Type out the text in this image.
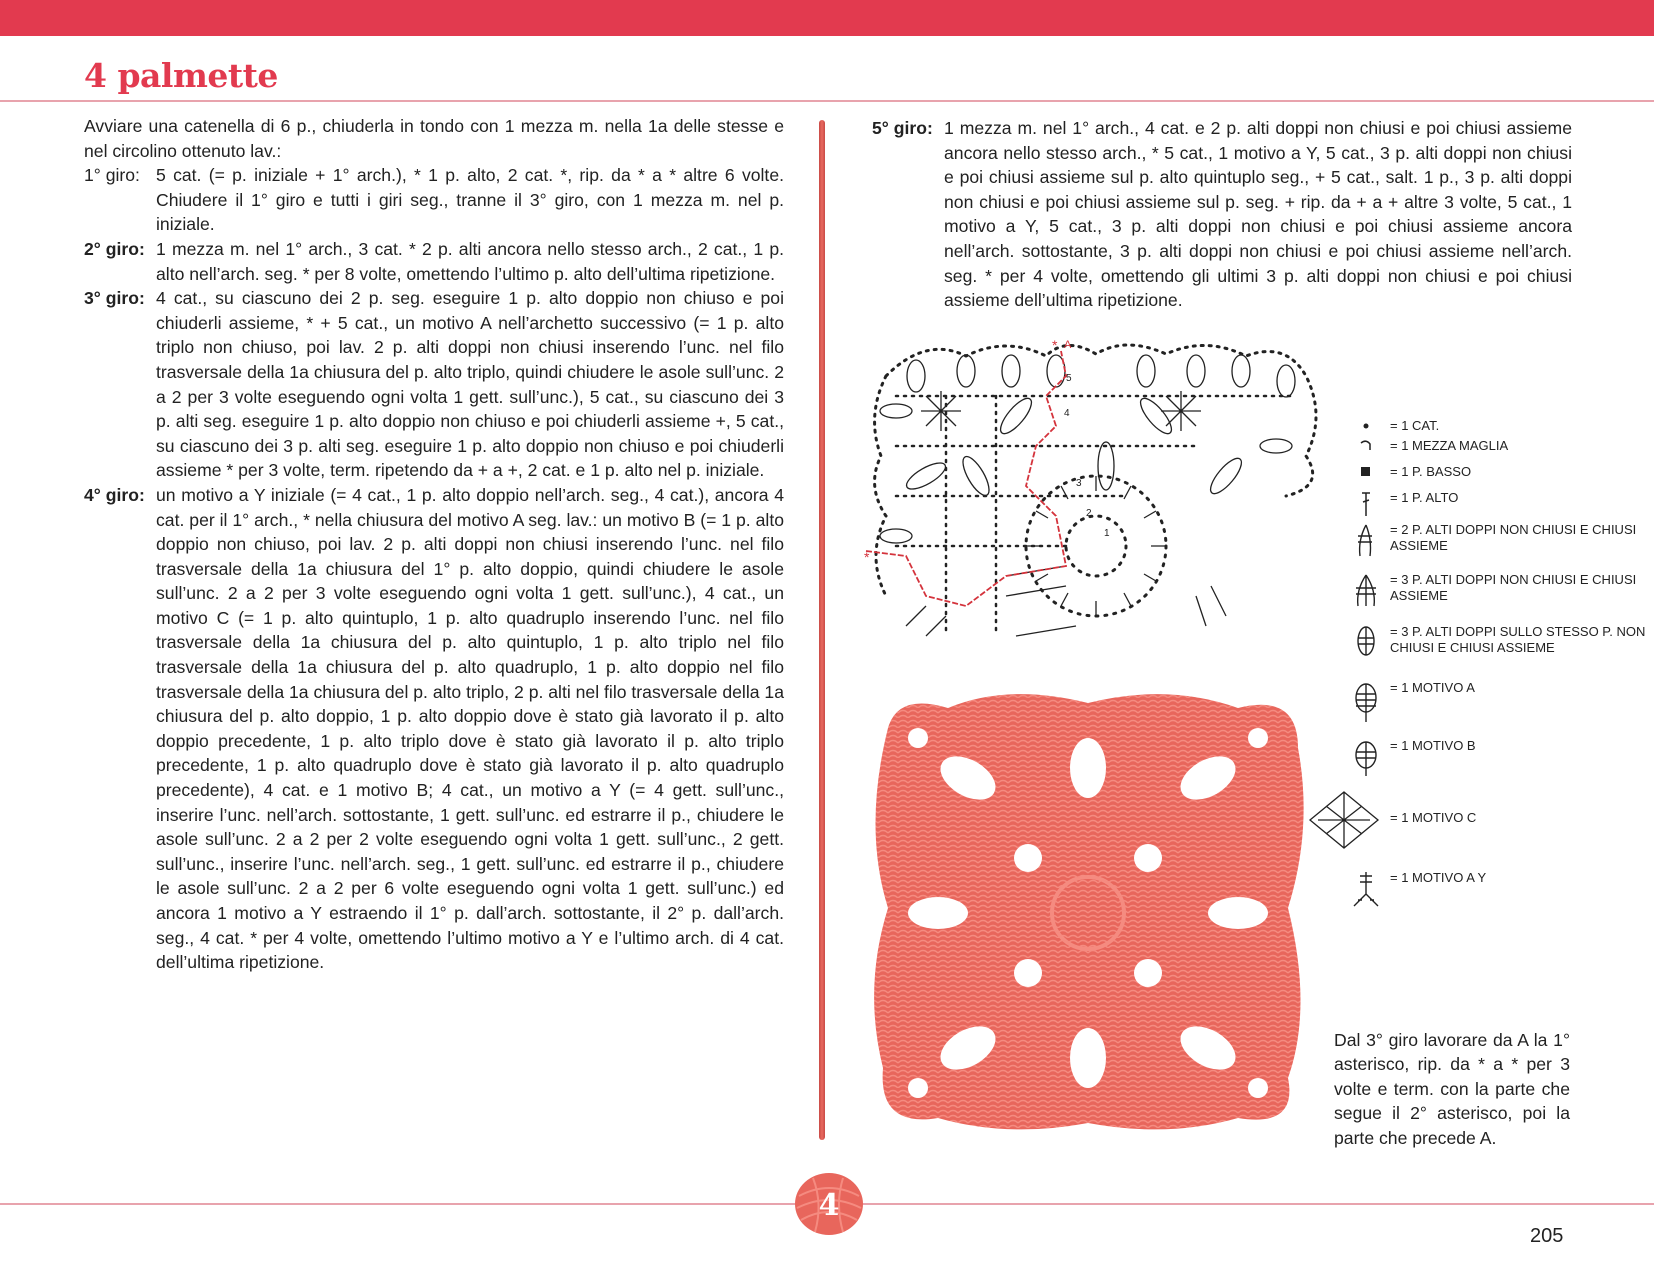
4 palmette

Avviare una catenella di 6 p., chiuderla in tondo con 1 mezza m. nella 1a delle stesse e nel circolino ottenuto lav.:

1° giro: 5 cat. (= p. iniziale + 1° arch.), * 1 p. alto, 2 cat. *, rip. da * a * altre 6 volte. Chiudere il 1° giro e tutti i giri seg., tranne il 3° giro, con 1 mezza m. nel p. iniziale.
2° giro: 1 mezza m. nel 1° arch., 3 cat. * 2 p. alti ancora nello stesso arch., 2 cat., 1 p. alto nell’arch. seg. * per 8 volte, omettendo l’ultimo p. alto dell’ultima ripetizione.
3° giro: 4 cat., su ciascuno dei 2 p. seg. eseguire 1 p. alto doppio non chiuso e poi chiuderli assieme, * + 5 cat., un motivo A nell’archetto successivo (= 1 p. alto triplo non chiuso, poi lav. 2 p. alti doppi non chiusi inserendo l’unc. nel filo trasversale della 1a chiusura del p. alto triplo, quindi chiudere le asole sull’unc. 2 a 2 per 3 volte eseguendo ogni volta 1 gett. sull’unc.), 5 cat., su ciascuno dei 3 p. alti seg. eseguire 1 p. alto doppio non chiuso e poi chiuderli assieme +, 5 cat., su ciascuno dei 3 p. alti seg. eseguire 1 p. alto doppio non chiuso e poi chiuderli assieme * per 3 volte, term. ripetendo da + a +, 2 cat. e 1 p. alto nel p. iniziale.
4° giro: un motivo a Y iniziale (= 4 cat., 1 p. alto doppio nell’arch. seg., 4 cat.), ancora 4 cat. per il 1° arch., * nella chiusura del motivo A seg. lav.: un motivo B (= 1 p. alto doppio non chiuso, poi lav. 2 p. alti doppi non chiusi inserendo l’unc. nel filo trasversale della 1a chiusura del 1° p. alto doppio, quindi chiudere le asole sull’unc. 2 a 2 per 3 volte eseguendo ogni volta 1 gett. sull’unc.), 4 cat., un motivo C (= 1 p. alto quintuplo, 1 p. alto quadruplo inserendo l’unc. nel filo trasversale della 1a chiusura del p. alto quintuplo, 1 p. alto triplo nel filo trasversale della 1a chiusura del p. alto quadruplo, 1 p. alto doppio nel filo trasversale della 1a chiusura del p. alto triplo, 2 p. alti nel filo trasversale della 1a chiusura del p. alto doppio, 1 p. alto doppio dove è stato già lavorato il p. alto doppio precedente, 1 p. alto triplo dove è stato già lavorato il p. alto triplo precedente, 1 p. alto quadruplo dove è stato già lavorato il p. alto quadruplo precedente), 4 cat. e 1 motivo B; 4 cat., un motivo a Y (= 4 gett. sull’unc., inserire l’unc. nell’arch. sottostante, 1 gett. sull’unc. ed estrarre il p., chiudere le asole sull’unc. 2 a 2 per 2 volte eseguendo ogni volta 1 gett. sull’unc., 2 gett. sull’unc., inserire l’unc. nell’arch. seg., 1 gett. sull’unc. ed estrarre il p., chiudere le asole sull’unc. 2 a 2 per 6 volte eseguendo ogni volta 1 gett. sull’unc.) ed ancora 1 motivo a Y estraendo il 1° p. dall’arch. sottostante, il 2° p. dall’arch. seg., 4 cat. * per 4 volte, omettendo l’ultimo motivo a Y e l’ultimo arch. di 4 cat. dell’ultima ripetizione.
5° giro: 1 mezza m. nel 1° arch., 4 cat. e 2 p. alti doppi non chiusi e poi chiusi assieme ancora nello stesso arch., * 5 cat., 1 motivo a Y, 5 cat., 3 p. alti doppi non chiusi e poi chiusi assieme sul p. alto quintuplo seg., + 5 cat., salt. 1 p., 3 p. alti doppi non chiusi e poi chiusi assieme sul p. seg. + rip. da + a + altre 3 volte, 5 cat., 1 motivo a Y, 5 cat., 3 p. alti doppi non chiusi e poi chiusi assieme ancora nell’arch. sottostante, 3 p. alti doppi non chiusi e poi chiusi assieme nell’arch. seg. * per 4 volte, omettendo gli ultimi 3 p. alti doppi non chiusi e poi chiusi assieme dell’ultima ripetizione.
A
*
*
1
2
3
4
5
= 1 CAT.
= 1 MEZZA MAGLIA
= 1 P. BASSO
= 1 P. ALTO
= 2 P. ALTI DOPPI NON CHIUSI E CHIUSI ASSIEME
= 3 P. ALTI DOPPI NON CHIUSI E CHIUSI ASSIEME
= 3 P. ALTI DOPPI SULLO STESSO P. NON CHIUSI E CHIUSI ASSIEME
= 1 MOTIVO A
= 1 MOTIVO B
= 1 MOTIVO C
= 1 MOTIVO A Y

Dal 3° giro lavorare da A la 1° asterisco, rip. da * a * per 3 volte e term. con la parte che segue il 2° asterisco, poi la parte che precede A.

4
205
